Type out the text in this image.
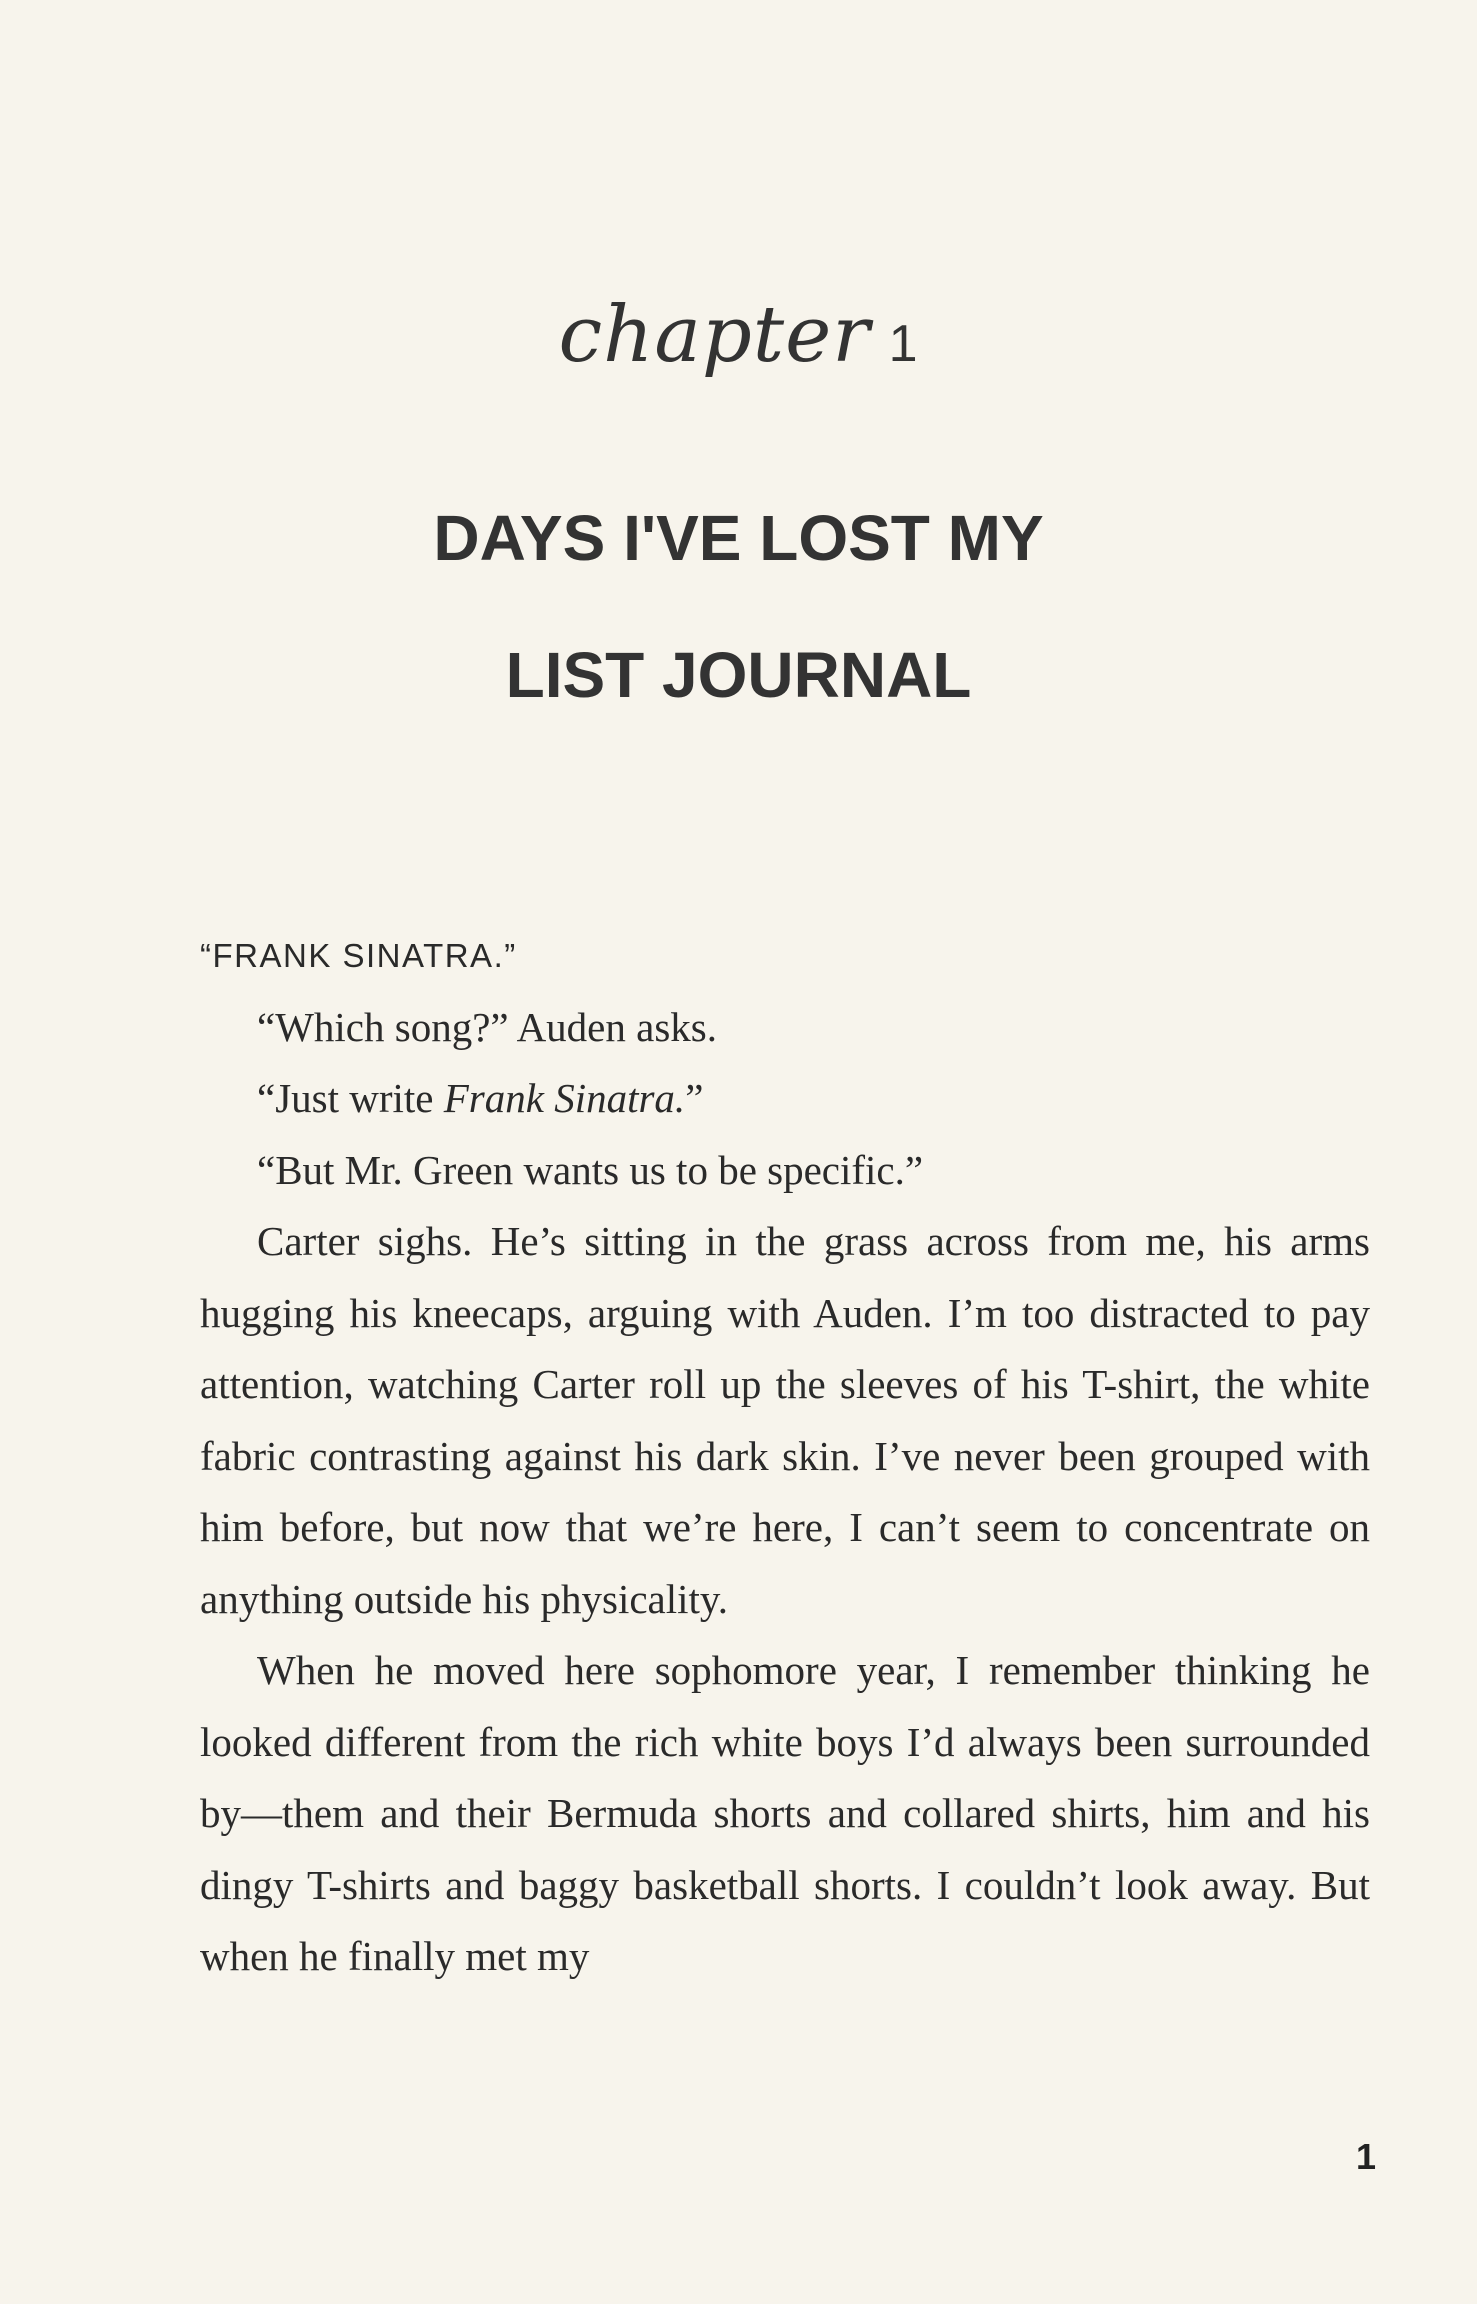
chapter 1
DAYS I'VE LOST MY
LIST JOURNAL

“FRANK SINATRA.”

“Which song?” Auden asks.

“Just write Frank Sinatra.”

“But Mr. Green wants us to be specific.”

Carter sighs. He’s sitting in the grass across from me, his arms hugging his kneecaps, arguing with Auden. I’m too distracted to pay attention, watching Carter roll up the sleeves of his T-shirt, the white fabric contrasting against his dark skin. I’ve never been grouped with him before, but now that we’re here, I can’t seem to concentrate on anything outside his physicality.

When he moved here sophomore year, I remember thinking he looked different from the rich white boys I’d always been surrounded by—them and their Bermuda shorts and collared shirts, him and his dingy T-shirts and baggy basketball shorts. I couldn’t look away. But when he finally met my

1
